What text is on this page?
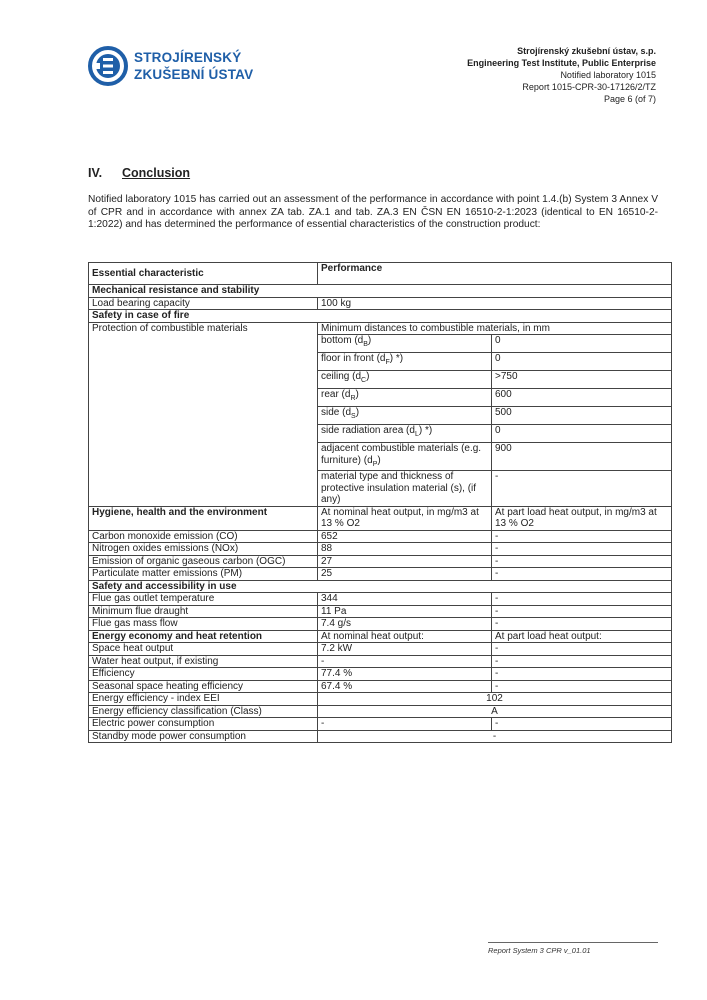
STROJÍRENSKÝ
ZKUŠEBNÍ ÚSTAV
Strojírenský zkušební ústav, s.p.
Engineering Test Institute, Public Enterprise
Notified laboratory 1015
Report 1015-CPR-30-17126/2/TZ
Page 6 (of 7)
IV. Conclusion
Notified laboratory 1015 has carried out an assessment of the performance in accordance with point 1.4.(b) System 3 Annex V of CPR and in accordance with annex ZA tab. ZA.1 and tab. ZA.3 EN ČSN EN 16510-2-1:2023 (identical to EN 16510-2-1:2022) and has determined the performance of essential characteristics of the construction product:
Essential characteristic	Performance	
Mechanical resistance and stability		
Load bearing capacity	100 kg	
Safety in case of fire		
Protection of combustible materials	Minimum distances to combustible materials, in mm	
	bottom $(d_B)$	0
	floor in front $(d_F)$ *)	0
	ceiling $(d_C)$	>750
	rear $(d_R)$	600
	side $(d_S)$	500
	side radiation area $(d_L)$ *)	0
	adjacent combustible materials (e.g. furniture) $(d_P)$	900
	material type and thickness of protective insulation material (s), (if any)	-
Hygiene, health and the environment	At nominal heat output, in mg/m3 at 13 % O2	At part load heat output, in mg/m3 at 13 % O2
Carbon monoxide emission (CO)	652	-
Nitrogen oxides emissions (NOx)	88	-
Emission of organic gaseous carbon (OGC)	27	-
Particulate matter emissions (PM)	25	-
Safety and accessibility in use		
Flue gas outlet temperature	344	-
Minimum flue draught	11 Pa	-
Flue gas mass flow	7.4 g/s	-
Energy economy and heat retention	At nominal heat output:	At part load heat output:
Space heat output	7.2 kW	-
Water heat output, if existing	-	-
Efficiency	77.4 %	-
Seasonal space heating efficiency	67.4 %	-
Energy efficiency - index EEI	102	
Energy efficiency classification (Class)	A	
Electric power consumption	-	-
Standby mode power consumption	-	
Report System 3 CPR v_01.01
